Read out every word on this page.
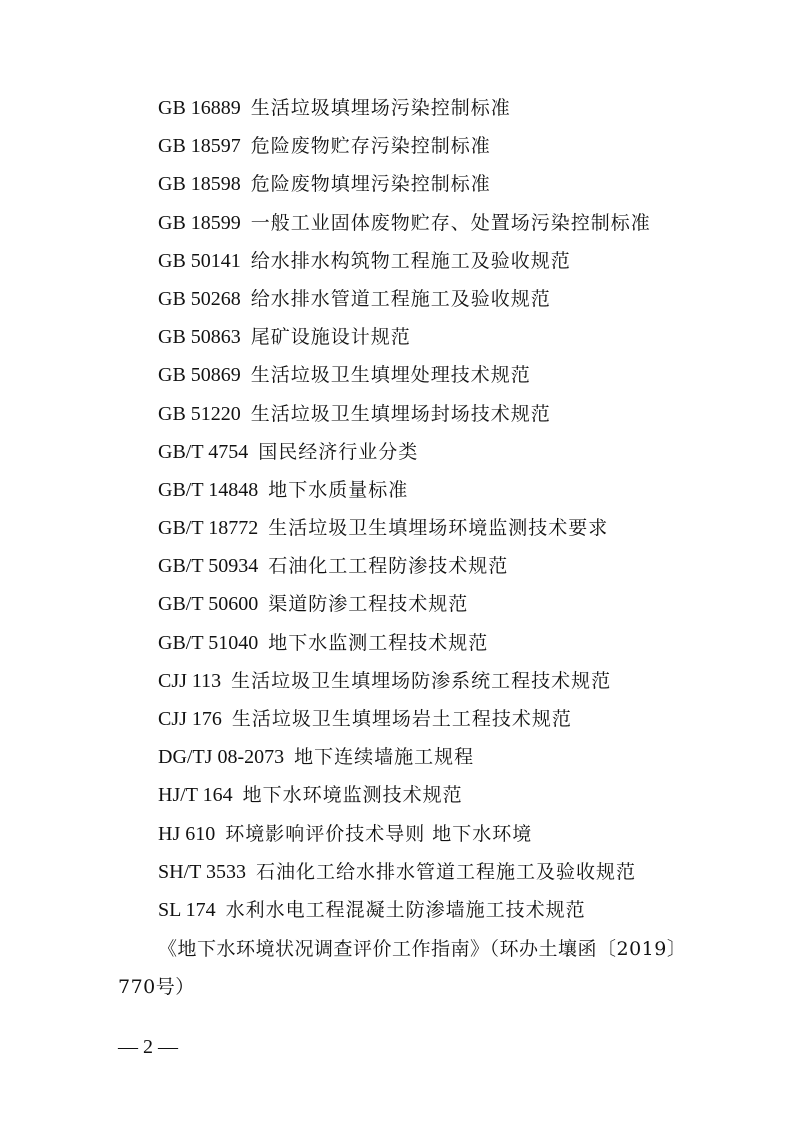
GB 16889 生活垃圾填埋场污染控制标准
GB 18597 危险废物贮存污染控制标准
GB 18598 危险废物填埋污染控制标准
GB 18599 一般工业固体废物贮存、处置场污染控制标准
GB 50141 给水排水构筑物工程施工及验收规范
GB 50268 给水排水管道工程施工及验收规范
GB 50863 尾矿设施设计规范
GB 50869 生活垃圾卫生填埋处理技术规范
GB 51220 生活垃圾卫生填埋场封场技术规范
GB/T 4754 国民经济行业分类
GB/T 14848 地下水质量标准
GB/T 18772 生活垃圾卫生填埋场环境监测技术要求
GB/T 50934 石油化工工程防渗技术规范
GB/T 50600 渠道防渗工程技术规范
GB/T 51040 地下水监测工程技术规范
CJJ 113 生活垃圾卫生填埋场防渗系统工程技术规范
CJJ 176 生活垃圾卫生填埋场岩土工程技术规范
DG/TJ 08-2073 地下连续墙施工规程
HJ/T 164 地下水环境监测技术规范
HJ 610 环境影响评价技术导则 地下水环境
SH/T 3533 石油化工给水排水管道工程施工及验收规范
SL 174 水利水电工程混凝土防渗墙施工技术规范
《地下水环境状况调查评价工作指南》（环办土壤函〔2019〕770号）
— 2 —
